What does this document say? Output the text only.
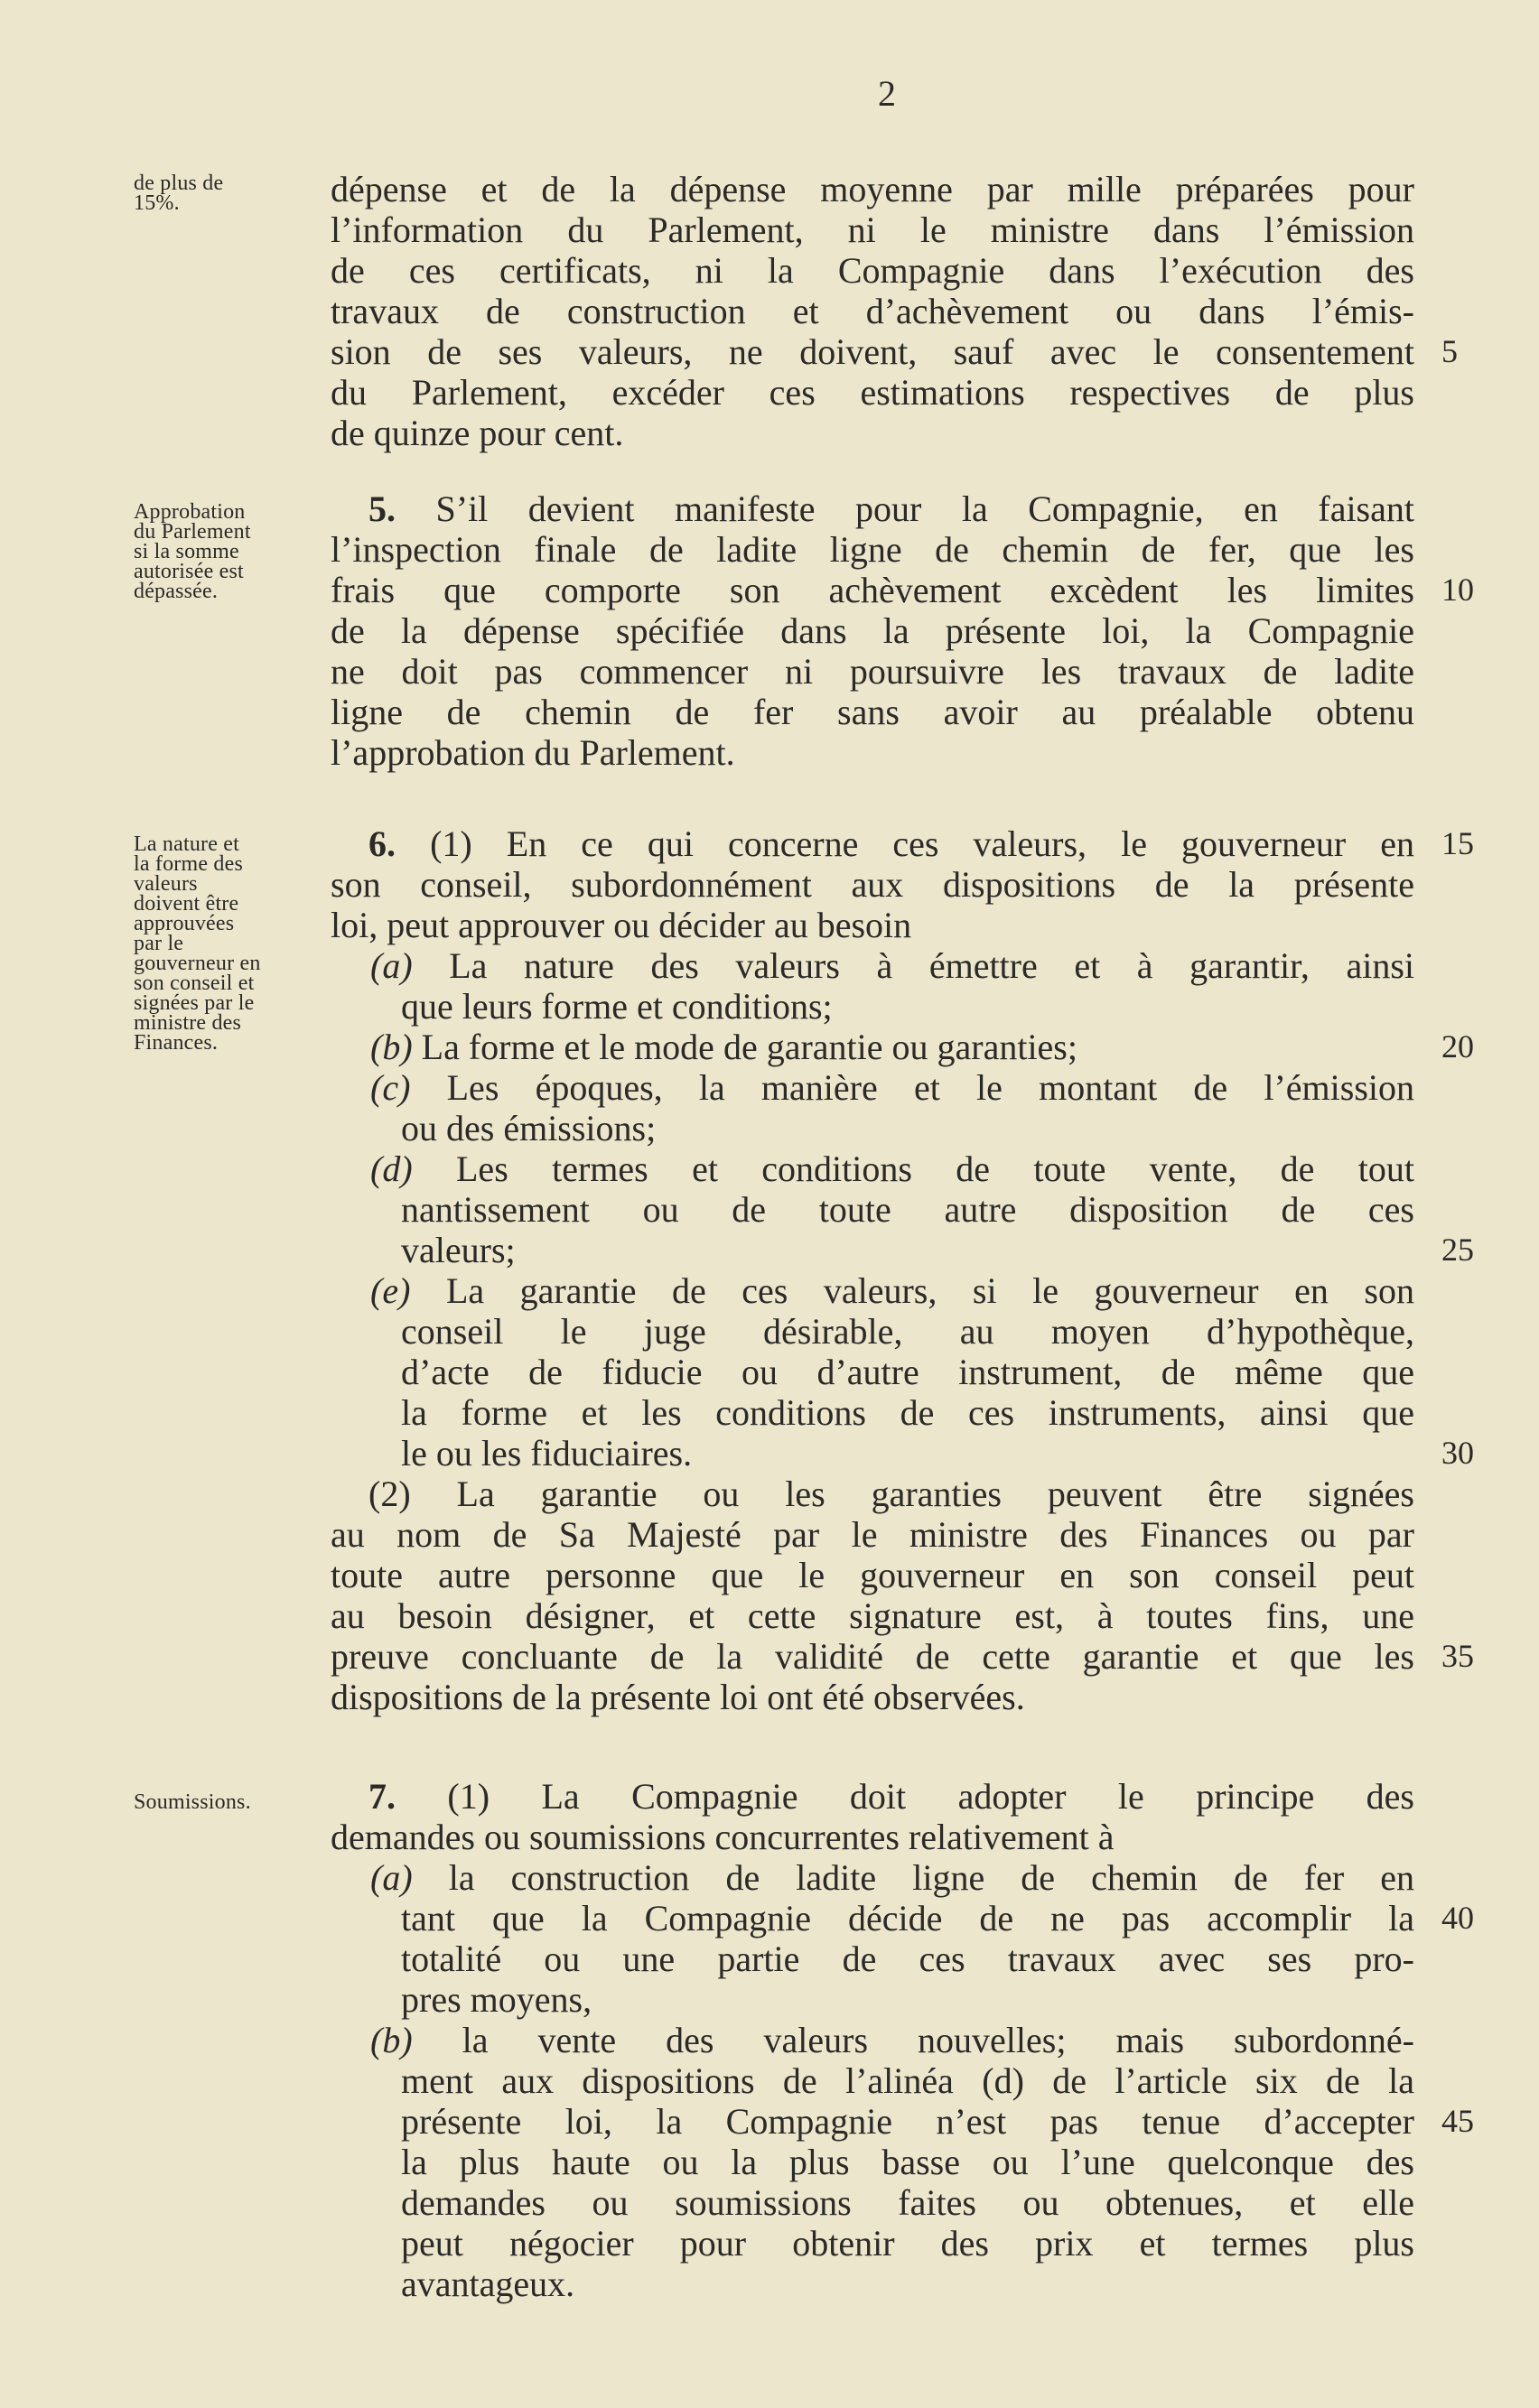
2
de plus de
15%.
5
dépense et de la dépense moyenne par mille préparées pour
l’information du Parlement, ni le ministre dans l’émission
de ces certificats, ni la Compagnie dans l’exécution des
travaux de construction et d’achèvement ou dans l’émis-
sion de ses valeurs, ne doivent, sauf avec le consentement
du Parlement, excéder ces estimations respectives de plus
de quinze pour cent.
Approbation
du Parlement
si la somme
autorisée est
dépassée.	10
5. S’il devient manifeste pour la Compagnie, en faisant
l’inspection finale de ladite ligne de chemin de fer, que les
frais que comporte son achèvement excèdent les limites
de la dépense spécifiée dans la présente loi, la Compagnie
ne doit pas commencer ni poursuivre les travaux de ladite
ligne de chemin de fer sans avoir au préalable obtenu
l’approbation du Parlement.
La nature et
la forme des
valeurs
doivent être
approuvées
par le
gouverneur en
son conseil et
signées par le
ministre des
Finances.
15
20
25
30
35
6. (1) En ce qui concerne ces valeurs, le gouverneur en
son conseil, subordonnément aux dispositions de la présente
loi, peut approuver ou décider au besoin
(a) La nature des valeurs à émettre et à garantir, ainsi
que leurs forme et conditions;
(b) La forme et le mode de garantie ou garanties;
(c) Les époques, la manière et le montant de l’émission
ou des émissions;
(d) Les termes et conditions de toute vente, de tout
nantissement ou de toute autre disposition de ces
valeurs;
(e) La garantie de ces valeurs, si le gouverneur en son
conseil le juge désirable, au moyen d’hypothèque,
d’acte de fiducie ou d’autre instrument, de même que
la forme et les conditions de ces instruments, ainsi que
le ou les fiduciaires.
(2) La garantie ou les garanties peuvent être signées
au nom de Sa Majesté par le ministre des Finances ou par
toute autre personne que le gouverneur en son conseil peut
au besoin désigner, et cette signature est, à toutes fins, une
preuve concluante de la validité de cette garantie et que les
dispositions de la présente loi ont été observées.
Soumissions.
40
45
7. (1) La Compagnie doit adopter le principe des
demandes ou soumissions concurrentes relativement à
(a) la construction de ladite ligne de chemin de fer en
tant que la Compagnie décide de ne pas accomplir la
totalité ou une partie de ces travaux avec ses pro-
pres moyens,
(b) la vente des valeurs nouvelles; mais subordonné-
ment aux dispositions de l’alinéa (d) de l’article six de la
présente loi, la Compagnie n’est pas tenue d’accepter
la plus haute ou la plus basse ou l’une quelconque des
demandes ou soumissions faites ou obtenues, et elle
peut négocier pour obtenir des prix et termes plus
avantageux.
